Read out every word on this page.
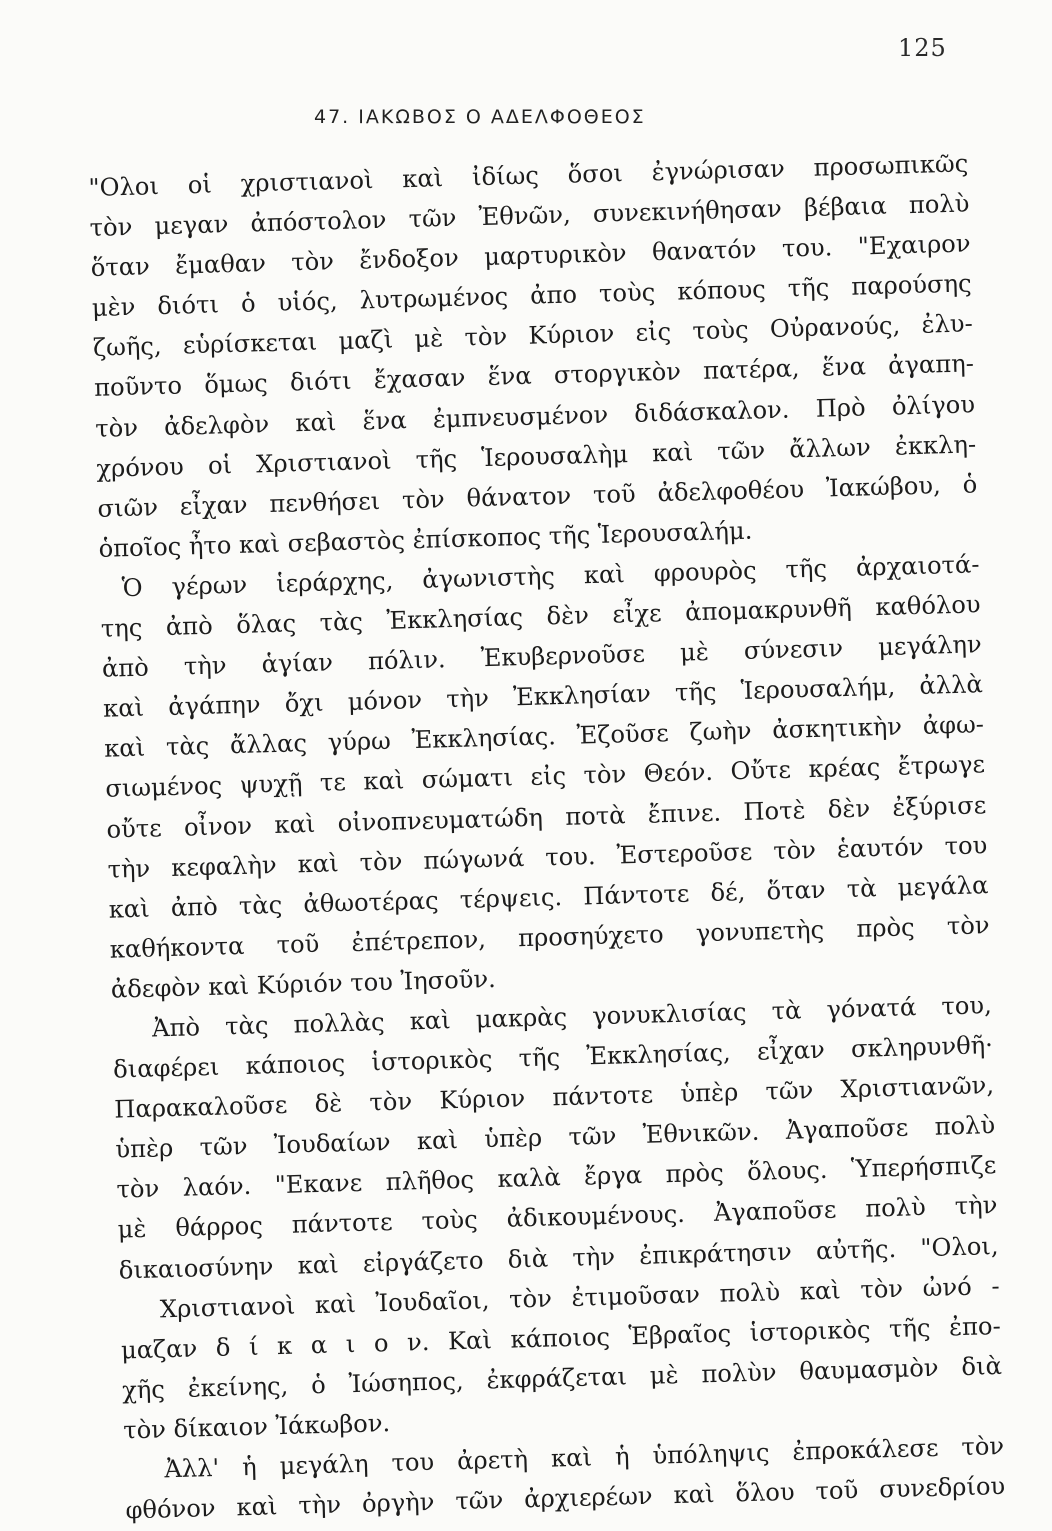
125
47. ΙΑΚΩΒΟΣ Ο ΑΔΕΛΦΟΘΕΟΣ
"Ολοι οἱ χριστιανοὶ καὶ ἰδίως ὅσοι ἐγνώρισαν προσωπικῶς
τὸν μεγαν ἀπόστολον τῶν Ἐθνῶν, συνεκινήθησαν βέβαια πολὺ
ὅταν ἔμαθαν τὸν ἔνδοξον μαρτυρικὸν θανατόν του. "Εχαιρον
μὲν διότι ὁ υἱός, λυτρωμένος ἀπο τοὺς κόπους τῆς παρούσης
ζωῆς, εὑρίσκεται μαζὶ μὲ τὸν Κύριον εἰς τοὺς Οὐρανούς, ἐλυ-
ποῦντο ὅμως διότι ἔχασαν ἕνα στοργικὸν πατέρα, ἕνα ἀγαπη-
τὸν ἀδελφὸν καὶ ἕνα ἐμπνευσμένον διδάσκαλον. Πρὸ ὀλίγου
χρόνου οἱ Χριστιανοὶ τῆς Ἱερουσαλὴμ καὶ τῶν ἄλλων ἐκκλη-
σιῶν εἶχαν πενθήσει τὸν θάνατον τοῦ ἀδελφοθέου Ἰακώβου, ὁ
ὁποῖος ἦτο καὶ σεβαστὸς ἐπίσκοπος τῆς Ἱερουσαλήμ.
Ὁ γέρων ἱεράρχης, ἀγωνιστὴς καὶ φρουρὸς τῆς ἀρχαιοτά-
της ἀπὸ ὅλας τὰς Ἐκκλησίας δὲν εἶχε ἀπομακρυνθῆ καθόλου
ἀπὸ τὴν ἁγίαν πόλιν. Ἐκυβερνοῦσε μὲ σύνεσιν μεγάλην
καὶ ἀγάπην ὄχι μόνον τὴν Ἐκκλησίαν τῆς Ἱερουσαλήμ, ἀλλὰ
καὶ τὰς ἄλλας γύρω Ἐκκλησίας. Ἐζοῦσε ζωὴν ἀσκητικὴν ἀφω-
σιωμένος ψυχῇ τε καὶ σώματι εἰς τὸν Θεόν. Οὔτε κρέας ἔτρωγε
οὔτε οἶνον καὶ οἰνοπνευματώδη ποτὰ ἔπινε. Ποτὲ δὲν ἐξύρισε
τὴν κεφαλὴν καὶ τὸν πώγωνά του. Ἐστεροῦσε τὸν ἑαυτόν του
καὶ ἀπὸ τὰς ἀθωοτέρας τέρψεις. Πάντοτε δέ, ὅταν τὰ μεγάλα
καθήκοντα τοῦ ἐπέτρεπον, προσηύχετο γονυπετὴς πρὸς τὸν
ἀδεφὸν καὶ Κύριόν του Ἰησοῦν.
Ἀπὸ τὰς πολλὰς καὶ μακρὰς γονυκλισίας τὰ γόνατά του,
διαφέρει κάποιος ἱστορικὸς τῆς Ἐκκλησίας, εἶχαν σκληρυνθῆ·
Παρακαλοῦσε δὲ τὸν Κύριον πάντοτε ὑπὲρ τῶν Χριστιανῶν,
ὑπὲρ τῶν Ἰουδαίων καὶ ὑπὲρ τῶν Ἐθνικῶν. Ἀγαποῦσε πολὺ
τὸν λαόν. "Εκανε πλῆθος καλὰ ἔργα πρὸς ὅλους. Ὑπερήσπιζε
μὲ θάρρος πάντοτε τοὺς ἀδικουμένους. Ἀγαποῦσε πολὺ τὴν
δικαιοσύνην καὶ εἰργάζετο διὰ τὴν ἐπικράτησιν αὐτῆς. "Ολοι,
Χριστιανοὶ καὶ Ἰουδαῖοι, τὸν ἐτιμοῦσαν πολὺ καὶ τὸν ὠνό -
μαζαν δ ί κ α ι ο ν. Καὶ κάποιος Ἑβραῖος ἱστορικὸς τῆς ἐπο-
χῆς ἐκείνης, ὁ Ἰώσηπος, ἐκφράζεται μὲ πολὺν θαυμασμὸν διὰ
τὸν δίκαιον Ἰάκωβον.
Ἀλλ' ἡ μεγάλη του ἀρετὴ καὶ ἡ ὑπόληψις ἐπροκάλεσε τὸν
φθόνον καὶ τὴν ὀργὴν τῶν ἀρχιερέων καὶ ὅλου τοῦ συνεδρίου
